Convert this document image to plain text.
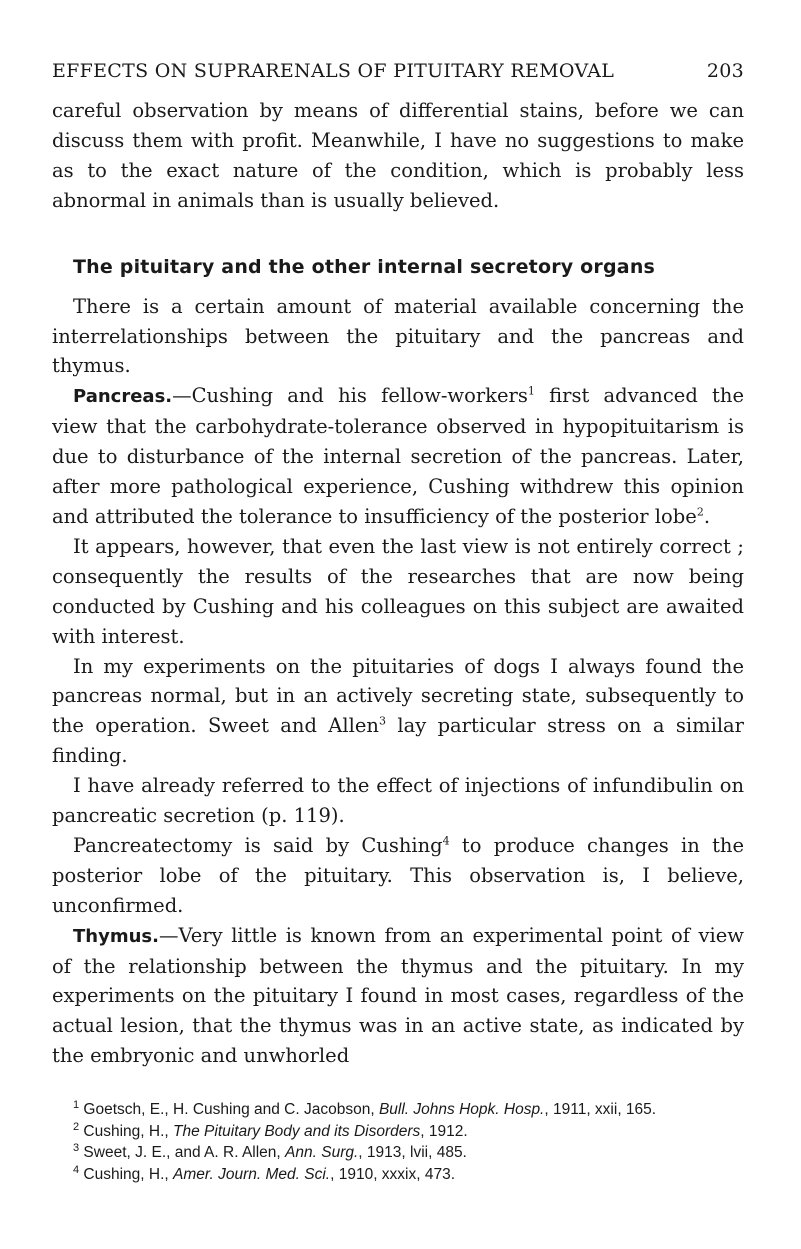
EFFECTS ON SUPRARENALS OF PITUITARY REMOVAL	203

careful observation by means of differential stains, before we can discuss them with profit. Meanwhile, I have no suggestions to make as to the exact nature of the condition, which is probably less abnormal in animals than is usually believed.

The pituitary and the other internal secretory organs

There is a certain amount of material available concerning the interrelationships between the pituitary and the pancreas and thymus.

Pancreas.—Cushing and his fellow-workers$^1$ first advanced the view that the carbohydrate-tolerance observed in hypopituitarism is due to disturbance of the internal secretion of the pancreas. Later, after more pathological experience, Cushing withdrew this opinion and attributed the tolerance to insufficiency of the posterior lobe$^2$.

It appears, however, that even the last view is not entirely correct ; consequently the results of the researches that are now being conducted by Cushing and his colleagues on this subject are awaited with interest.

In my experiments on the pituitaries of dogs I always found the pancreas normal, but in an actively secreting state, subsequently to the operation. Sweet and Allen$^3$ lay particular stress on a similar finding.

I have already referred to the effect of injections of infundibulin on pancreatic secretion (p. 119).

Pancreatectomy is said by Cushing$^4$ to produce changes in the posterior lobe of the pituitary. This observation is, I believe, unconfirmed.

Thymus.—Very little is known from an experimental point of view of the relationship between the thymus and the pituitary. In my experiments on the pituitary I found in most cases, regardless of the actual lesion, that the thymus was in an active state, as indicated by the embryonic and unwhorled

$^1$ Goetsch, E., H. Cushing and C. Jacobson, Bull. Johns Hopk. Hosp., 1911, xxii, 165.

$^2$ Cushing, H., The Pituitary Body and its Disorders, 1912.

$^3$ Sweet, J. E., and A. R. Allen, Ann. Surg., 1913, lvii, 485.

$^4$ Cushing, H., Amer. Journ. Med. Sci., 1910, xxxix, 473.
